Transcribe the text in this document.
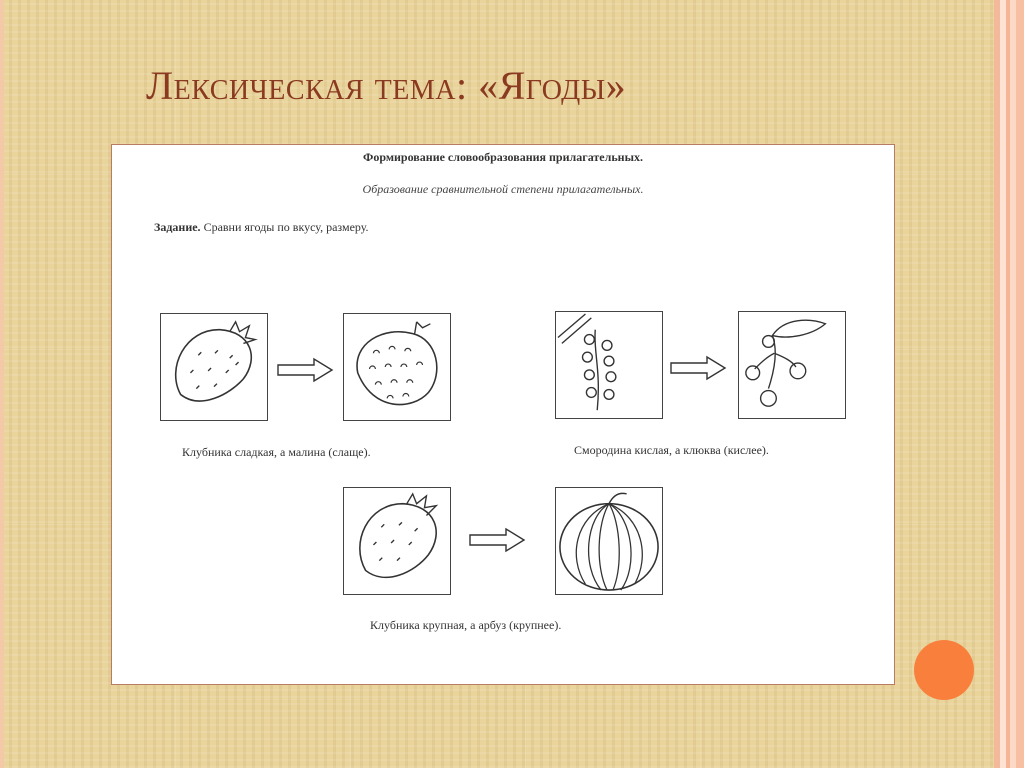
Лексическая тема: «Ягоды»
Формирование словообразования прилагательных.
Образование сравнительной степени прилагательных.
Задание. Сравни ягоды по вкусу, размеру.
Клубника сладкая, а малина (слаще).	Смородина кислая, а клюква (кислее).
Клубника крупная, а арбуз (крупнее).
